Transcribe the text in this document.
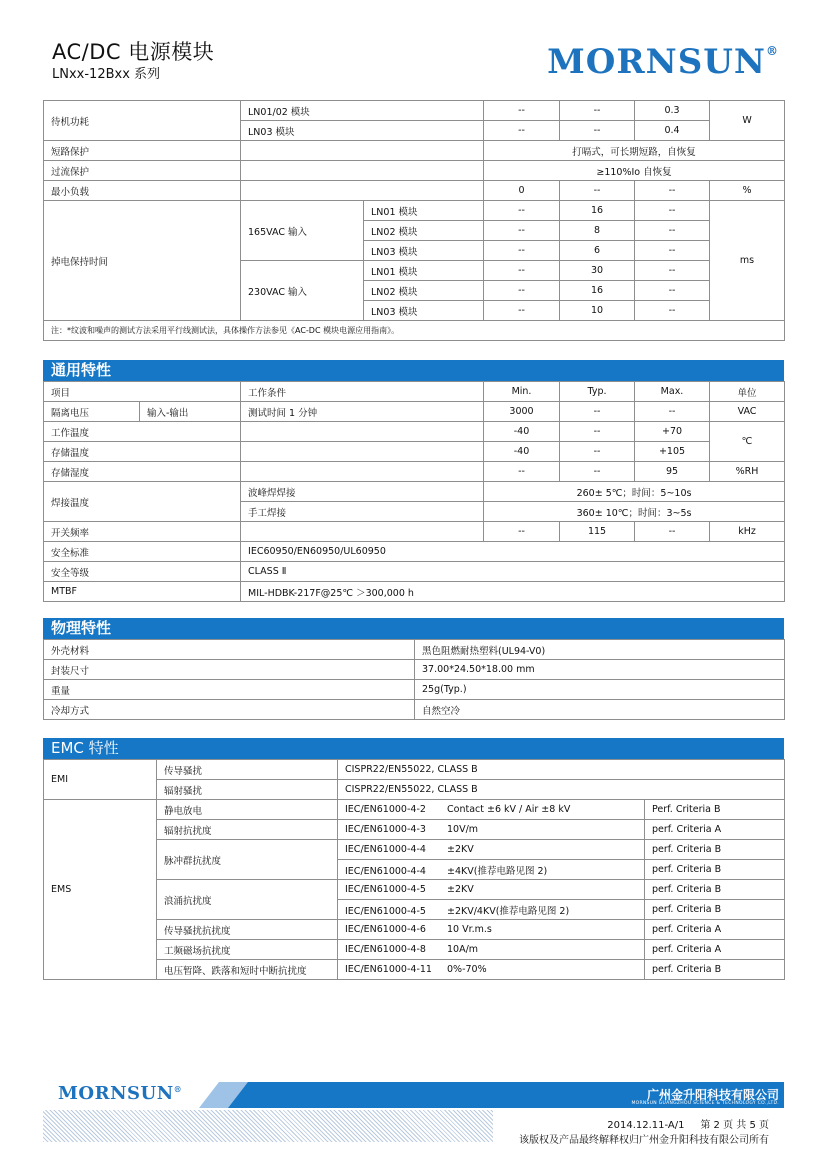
AC/DC 电源模块
LNxx-12Bxx 系列	MORNSUN®
待机功耗	LN01/02 模块		--	--	0.3	W
	LN03 模块		--	--	0.4	
短路保护			打嗝式，可长期短路，自恢复			
过流保护			≥110%Io 自恢复			
最小负载			0	--	--	%
掉电保持时间	165VAC 输入	LN01 模块	--	16	--	ms
		LN02 模块	--	8	--	
		LN03 模块	--	6	--	
	230VAC 输入	LN01 模块	--	30	--	
		LN02 模块	--	16	--	
		LN03 模块	--	10	--	
注：*纹波和噪声的测试方法采用平行线测试法，具体操作方法参见《AC-DC 模块电源应用指南》。						
通用特性
项目		工作条件	Min.	Typ.	Max.	单位
隔离电压	输入-输出	测试时间 1 分钟	3000	--	--	VAC
工作温度			-40	--	+70	℃
存储温度			-40	--	+105	
存储湿度			--	--	95	%RH
焊接温度		波峰焊焊接	260± 5℃；时间：5~10s			
		手工焊接	360± 10℃；时间：3~5s			
开关频率			--	115	--	kHz
安全标准		IEC60950/EN60950/UL60950				
安全等级		CLASS Ⅱ				
MTBF		MIL-HDBK-217F@25℃ ＞300,000 h				
物理特性
外壳材料	黑色阻燃耐热塑料(UL94-V0)
封装尺寸	37.00*24.50*18.00 mm
重量	25g(Typ.)
冷却方式	自然空冷
EMC 特性
EMI	传导骚扰	CISPR22/EN55022, CLASS B	
	辐射骚扰	CISPR22/EN55022, CLASS B	
EMS	静电放电	IEC/EN61000-4-2 Contact ±6 kV / Air ±8 kV	Perf. Criteria B
	辐射抗扰度	IEC/EN61000-4-3 10V/m	perf. Criteria A
	脉冲群抗扰度	IEC/EN61000-4-4 ±2KV	perf. Criteria B
		IEC/EN61000-4-4 ±4KV(推荐电路见图 2)	perf. Criteria B
	浪涌抗扰度	IEC/EN61000-4-5 ±2KV	perf. Criteria B
		IEC/EN61000-4-5 ±2KV/4KV(推荐电路见图 2)	perf. Criteria B
	传导骚扰抗扰度	IEC/EN61000-4-6 10 Vr.m.s	perf. Criteria A
	工频磁场抗扰度	IEC/EN61000-4-8 10A/m	perf. Criteria A
	电压暂降、跌落和短时中断抗扰度	IEC/EN61000-4-11 0%-70%	perf. Criteria B
MORNSUN®	广州金升阳科技有限公司
MORNSUN GUANGZHOU SCIENCE & TECHNOLOGY CO.,LTD.
2014.12.11-A/1 第 2 页 共 5 页
该版权及产品最终解释权归广州金升阳科技有限公司所有
